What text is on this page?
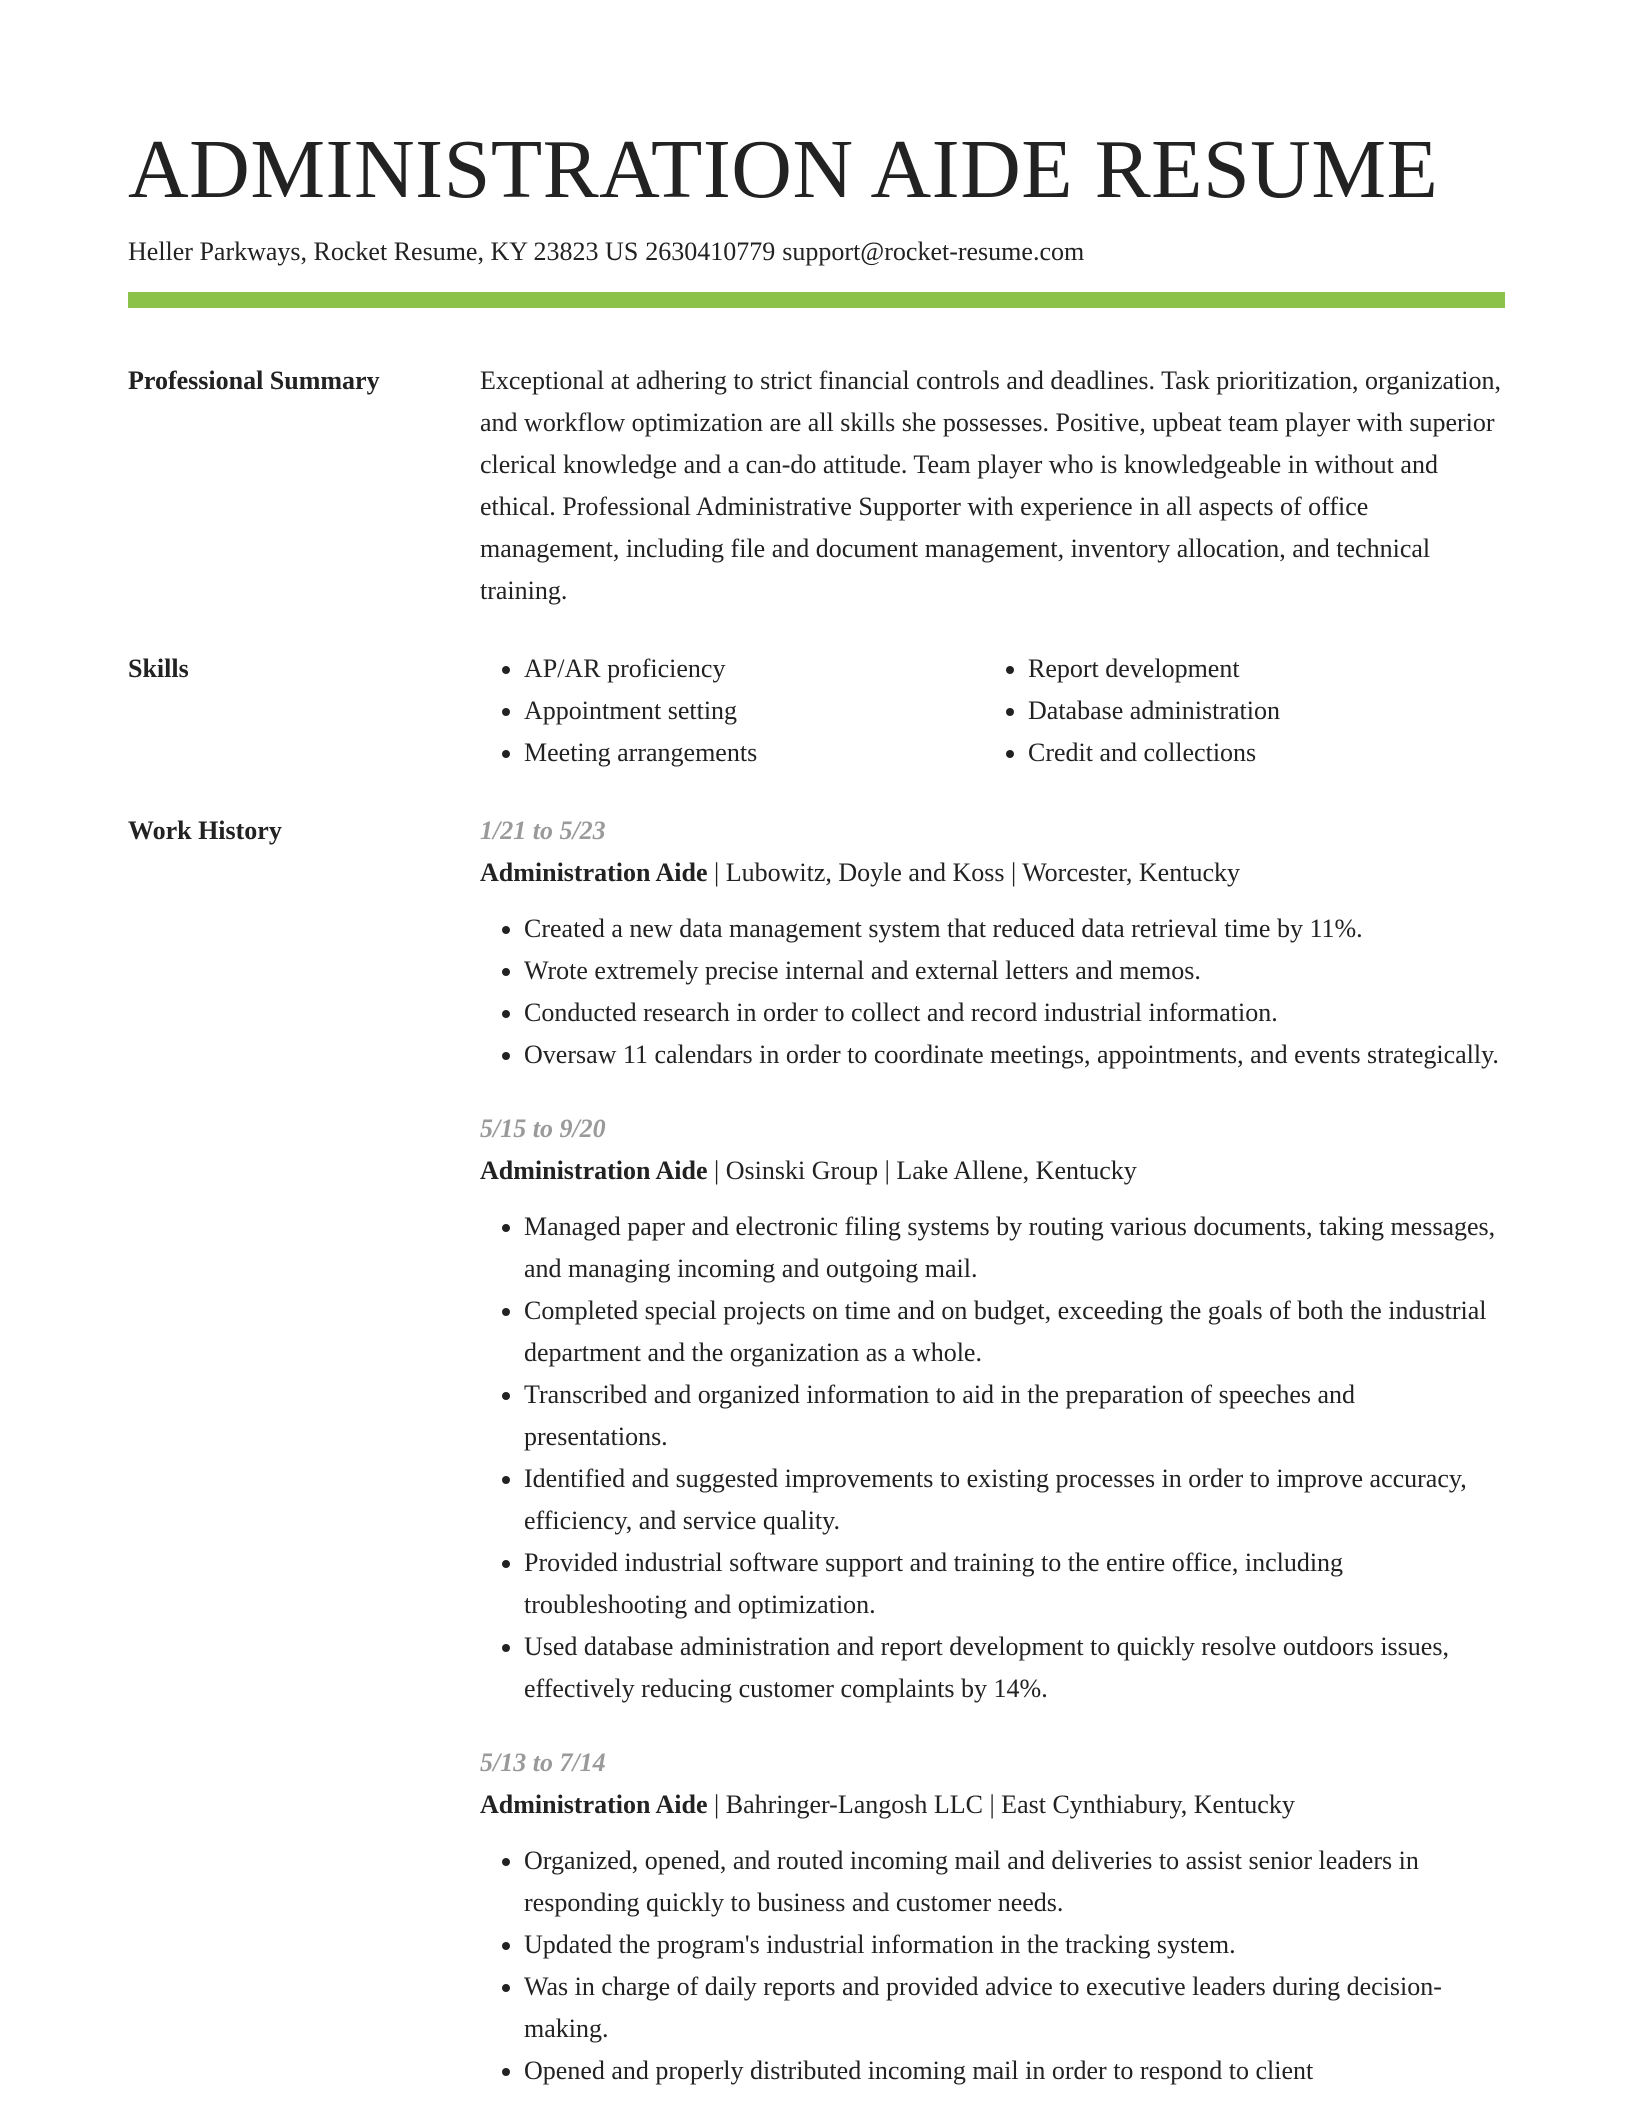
ADMINISTRATION AIDE RESUME
Heller Parkways, Rocket Resume, KY 23823 US 2630410779 support@rocket-resume.com
Professional Summary	Exceptional at adhering to strict financial controls and deadlines. Task prioritization, organization, and workflow optimization are all skills she possesses. Positive, upbeat team player with superior clerical knowledge and a can-do attitude. Team player who is knowledgeable in without and ethical. Professional Administrative Supporter with experience in all aspects of office management, including file and document management, inventory allocation, and technical training.

Skills
•	AP/AR proficiency
• Appointment setting
• Meeting arrangements
• Report development
• Database administration
• Credit and collections
Work History	1/21 to 5/23
Administration Aide | Lubowitz, Doyle and Koss | Worcester, Kentucky
• Created a new data management system that reduced data retrieval time by 11%.
• Wrote extremely precise internal and external letters and memos.
• Conducted research in order to collect and record industrial information.
• Oversaw 11 calendars in order to coordinate meetings, appointments, and events strategically.
5/15 to 9/20
Administration Aide | Osinski Group | Lake Allene, Kentucky
• Managed paper and electronic filing systems by routing various documents, taking messages, and managing incoming and outgoing mail.
• Completed special projects on time and on budget, exceeding the goals of both the industrial department and the organization as a whole.
• Transcribed and organized information to aid in the preparation of speeches and presentations.
• Identified and suggested improvements to existing processes in order to improve accuracy, efficiency, and service quality.
• Provided industrial software support and training to the entire office, including troubleshooting and optimization.
• Used database administration and report development to quickly resolve outdoors issues, effectively reducing customer complaints by 14%.
5/13 to 7/14
Administration Aide | Bahringer-Langosh LLC | East Cynthiabury, Kentucky
• Organized, opened, and routed incoming mail and deliveries to assist senior leaders in responding quickly to business and customer needs.
• Updated the program's industrial information in the tracking system.
• Was in charge of daily reports and provided advice to executive leaders during decision-making.
• Opened and properly distributed incoming mail in order to respond to client
